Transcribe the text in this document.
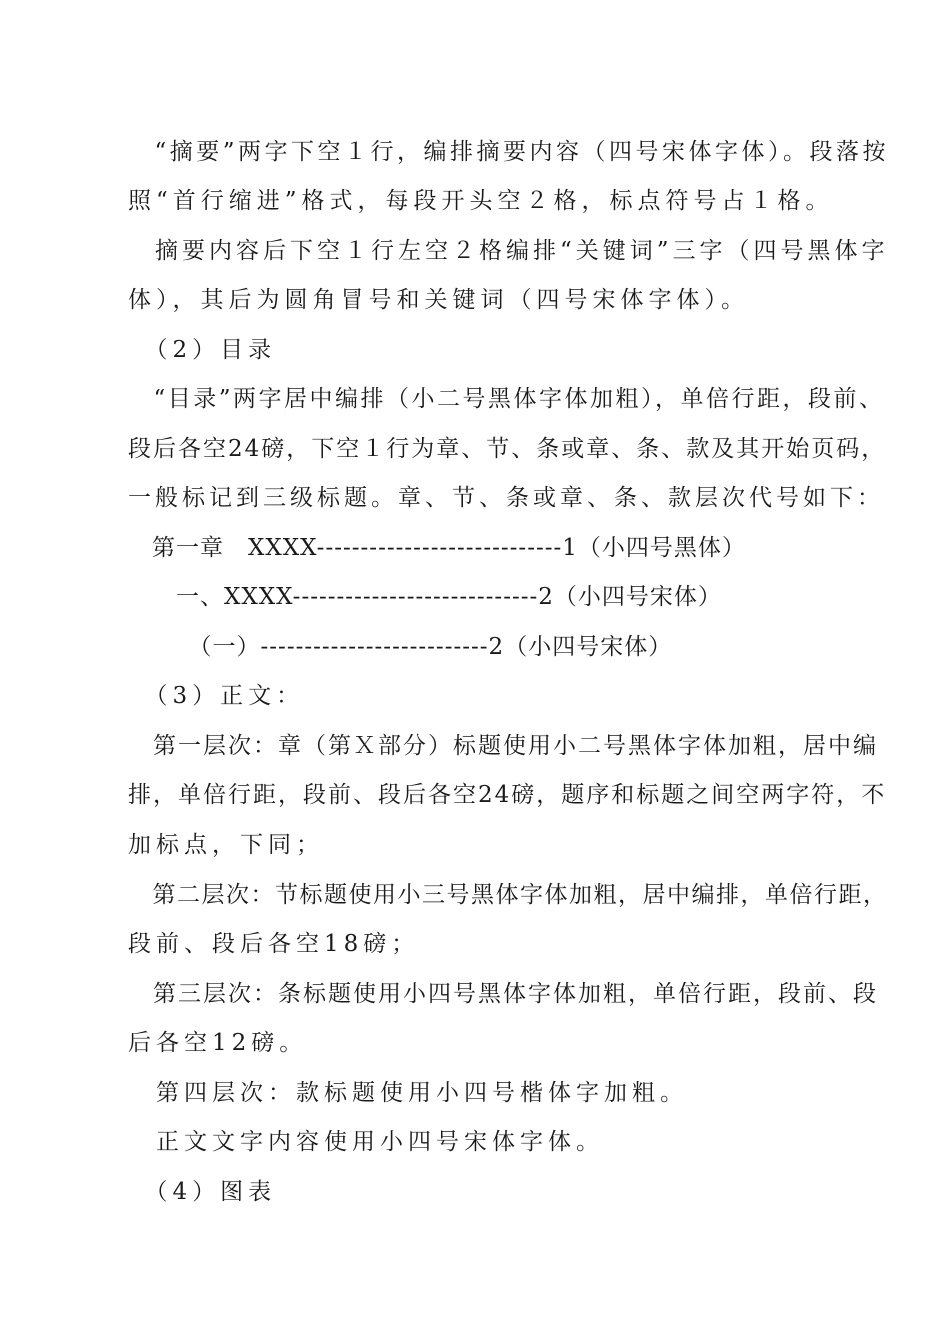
　“摘要”两字下空１行，编排摘要内容（四号宋体字体）。段落按
照“首行缩进”格式，每段开头空２格，标点符号占１格。
　摘要内容后下空１行左空２格编排“关键词”三字（四号黑体字
体），其后为圆角冒号和关键词（四号宋体字体）。
　（2）目录
　“目录”两字居中编排（小二号黑体字体加粗），单倍行距，段前、
段后各空24磅，下空１行为章、节、条或章、条、款及其开始页码，
一般标记到三级标题。章、节、条或章、条、款层次代号如下：
　第一章　XXXX----------------------------1（小四号黑体）
　　一、XXXX----------------------------2（小四号宋体）
　　　（一）--------------------------2（小四号宋体）
　（3）正文：
　第一层次：章（第Ｘ部分）标题使用小二号黑体字体加粗，居中编
排，单倍行距，段前、段后各空24磅，题序和标题之间空两字符，不
加标点，下同；
　第二层次：节标题使用小三号黑体字体加粗，居中编排，单倍行距，
段前、段后各空18磅；
　第三层次：条标题使用小四号黑体字体加粗，单倍行距，段前、段
后各空12磅。
　第四层次：款标题使用小四号楷体字加粗。
　正文文字内容使用小四号宋体字体。
　（4）图表
